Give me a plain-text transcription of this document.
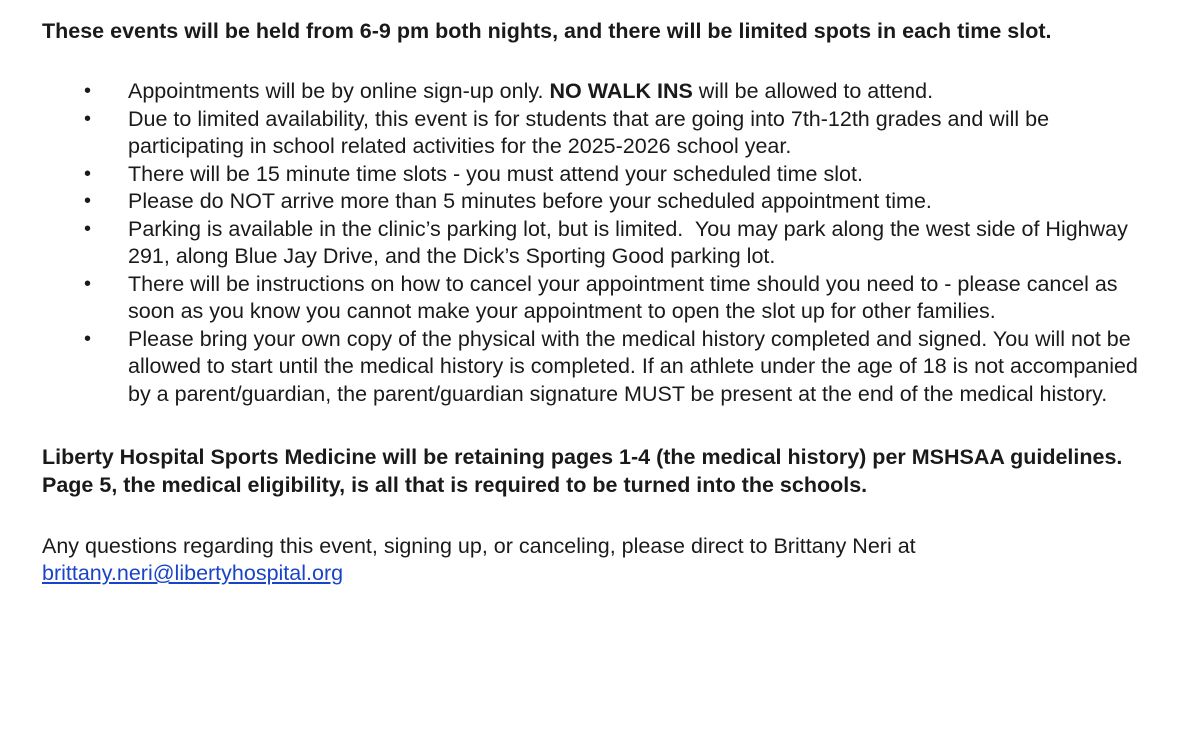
These events will be held from 6-9 pm both nights, and there will be limited spots in each time slot.

• Appointments will be by online sign-up only. NO WALK INS will be allowed to attend.
• Due to limited availability, this event is for students that are going into 7th-12th grades and will be participating in school related activities for the 2025-2026 school year.
• There will be 15 minute time slots - you must attend your scheduled time slot.
• Please do NOT arrive more than 5 minutes before your scheduled appointment time.
• Parking is available in the clinic’s parking lot, but is limited.  You may park along the west side of Highway 291, along Blue Jay Drive, and the Dick’s Sporting Good parking lot.
• There will be instructions on how to cancel your appointment time should you need to - please cancel as soon as you know you cannot make your appointment to open the slot up for other families.
• Please bring your own copy of the physical with the medical history completed and signed. You will not be allowed to start until the medical history is completed. If an athlete under the age of 18 is not accompanied by a parent/guardian, the parent/guardian signature MUST be present at the end of the medical history.

Liberty Hospital Sports Medicine will be retaining pages 1-4 (the medical history) per MSHSAA guidelines. Page 5, the medical eligibility, is all that is required to be turned into the schools.

Any questions regarding this event, signing up, or canceling, please direct to Brittany Neri at
brittany.neri@libertyhospital.org
